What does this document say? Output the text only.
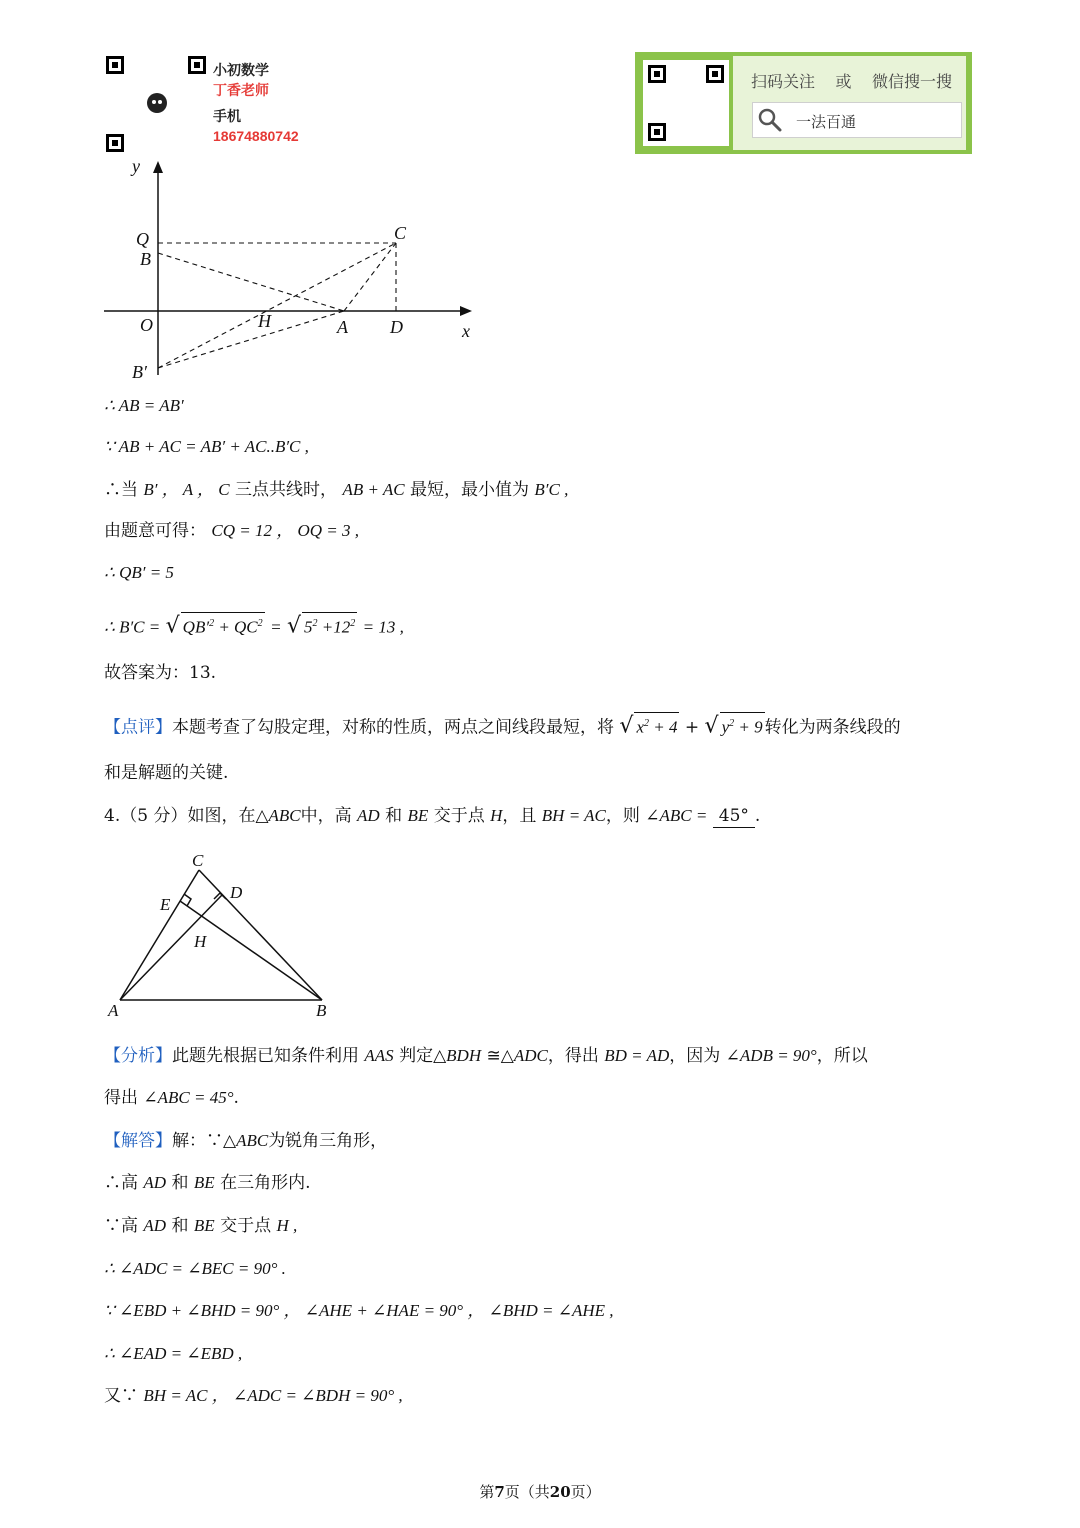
小初数学
丁香老师
手机
18674880742
扫码关注 或 微信搜一搜
一法百通
y
x
Q
B
O	H	A D
C
B′
∴ AB = AB′
∵ AB + AC = AB′ + AC..B′C ,
∴当 B′ ， A ， C 三点共线时， AB + AC 最短，最小值为 B′C ,
由题意可得： CQ = 12 ， OQ = 3 ,
∴ QB′ = 5
∴ B′C = √ $QB'^2 + QC^2$ = √ $5^2 +12^2 = 13$ ,
故答案为：13.
【点评】本题考查了勾股定理，对称的性质，两点之间线段最短，将 √ $x^2 + 4$ + √ $y^2 + 9$ 转化为两条线段的
和是解题的关键.
4.（5 分）如图，在△ABC中，高 AD 和 BE 交于点 H，且 BH = AC，则 ∠ABC = 45° .
C
D
E
H
A	B
【分析】此题先根据已知条件利用 AAS 判定△BDH ≅△ADC，得出 BD = AD，因为 ∠ADB = 90°，所以
得出 ∠ABC = 45°.
【解答】解：∵△ABC为锐角三角形，
∴高 AD 和 BE 在三角形内.
∵高 AD 和 BE 交于点 H ,
∴ ∠ADC = ∠BEC = 90° .
∵ ∠EBD + ∠BHD = 90° ， ∠AHE + ∠HAE = 90° ， ∠BHD = ∠AHE ,
∴ ∠EAD = ∠EBD ,
又∵ BH = AC ， ∠ADC = ∠BDH = 90° ,
第7页（共20页）
